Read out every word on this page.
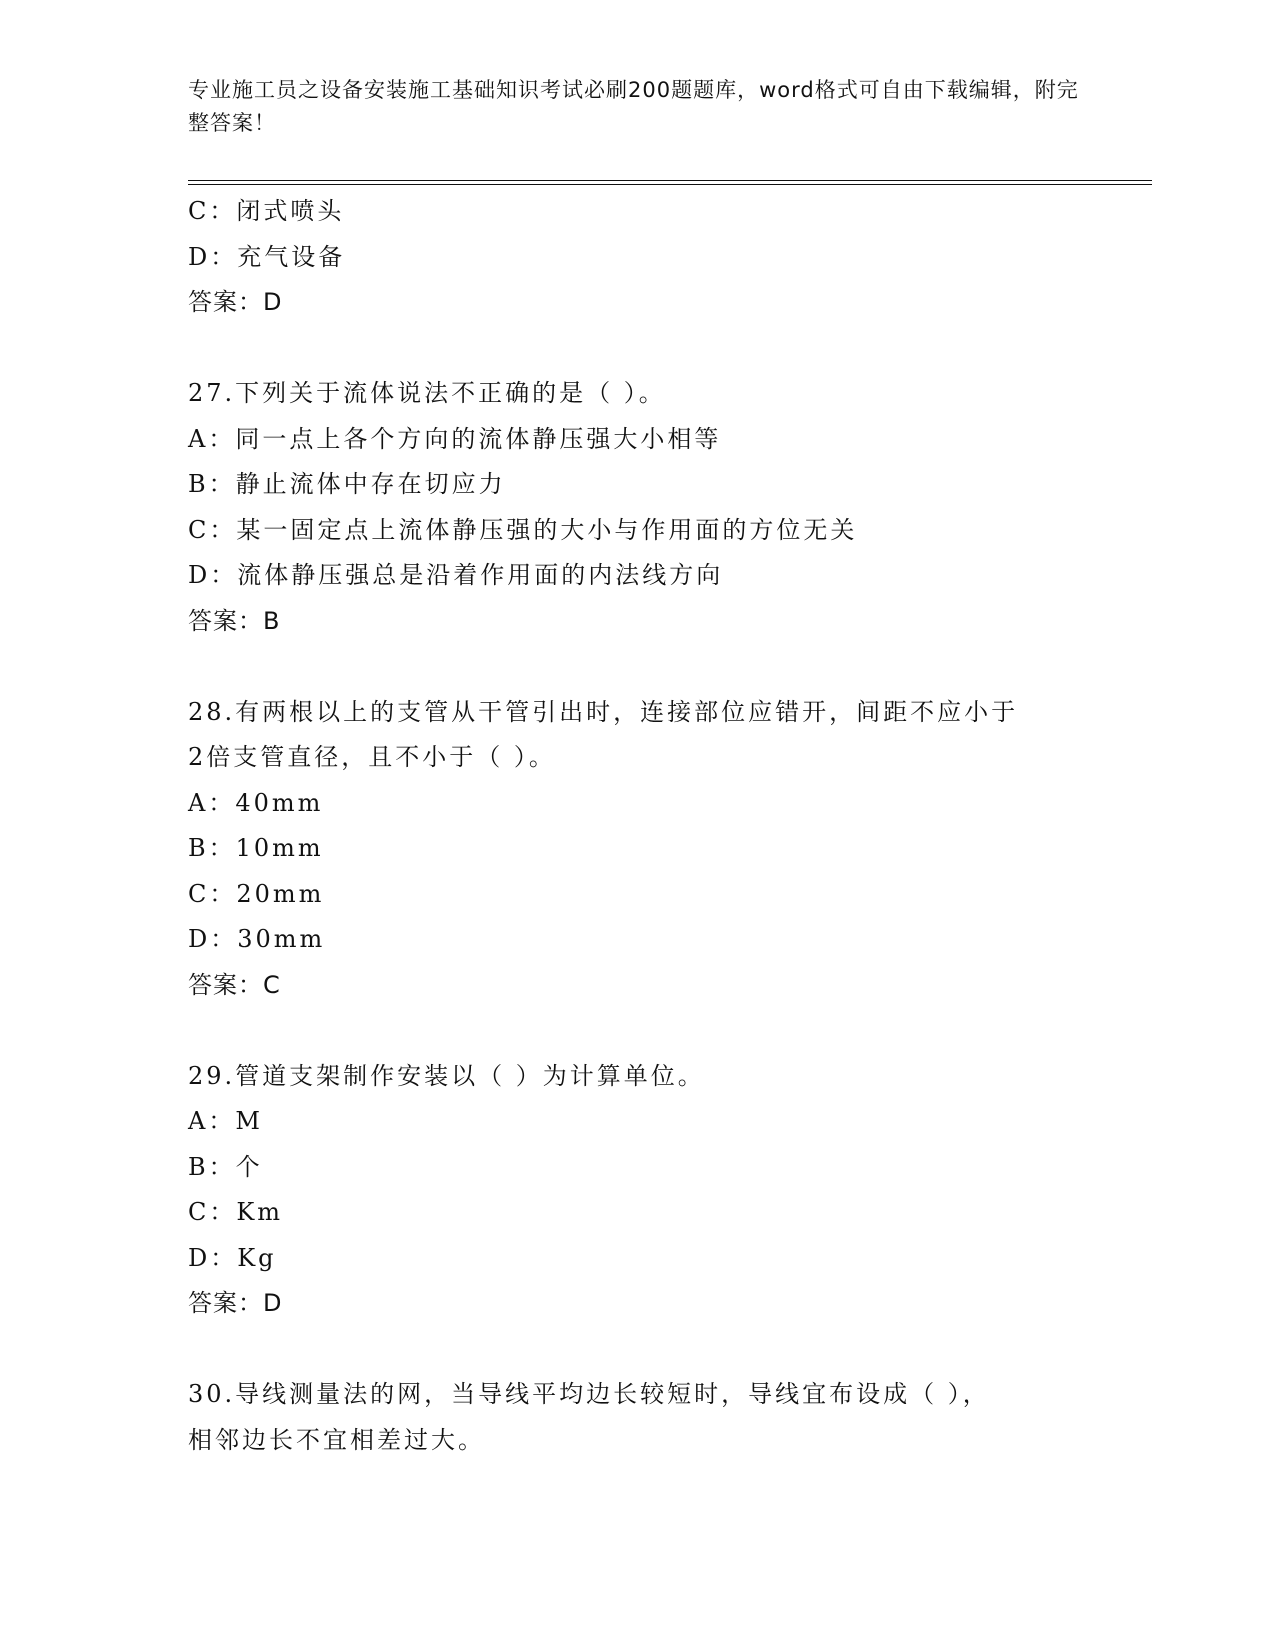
专业施工员之设备安装施工基础知识考试必刷200题题库，word格式可自由下载编辑，附完整答案！
C：闭式喷头
D：充气设备
答案：D
27.下列关于流体说法不正确的是（ ）。
A：同一点上各个方向的流体静压强大小相等
B：静止流体中存在切应力
C：某一固定点上流体静压强的大小与作用面的方位无关
D：流体静压强总是沿着作用面的内法线方向
答案：B
28.有两根以上的支管从干管引出时，连接部位应错开，间距不应小于
2倍支管直径，且不小于（ ）。
A：40mm
B：10mm
C：20mm
D：30mm
答案：C
29.管道支架制作安装以（ ）为计算单位。
A：M
B：个
C：Km
D：Kg
答案：D
30.导线测量法的网，当导线平均边长较短时，导线宜布设成（ ），
相邻边长不宜相差过大。
